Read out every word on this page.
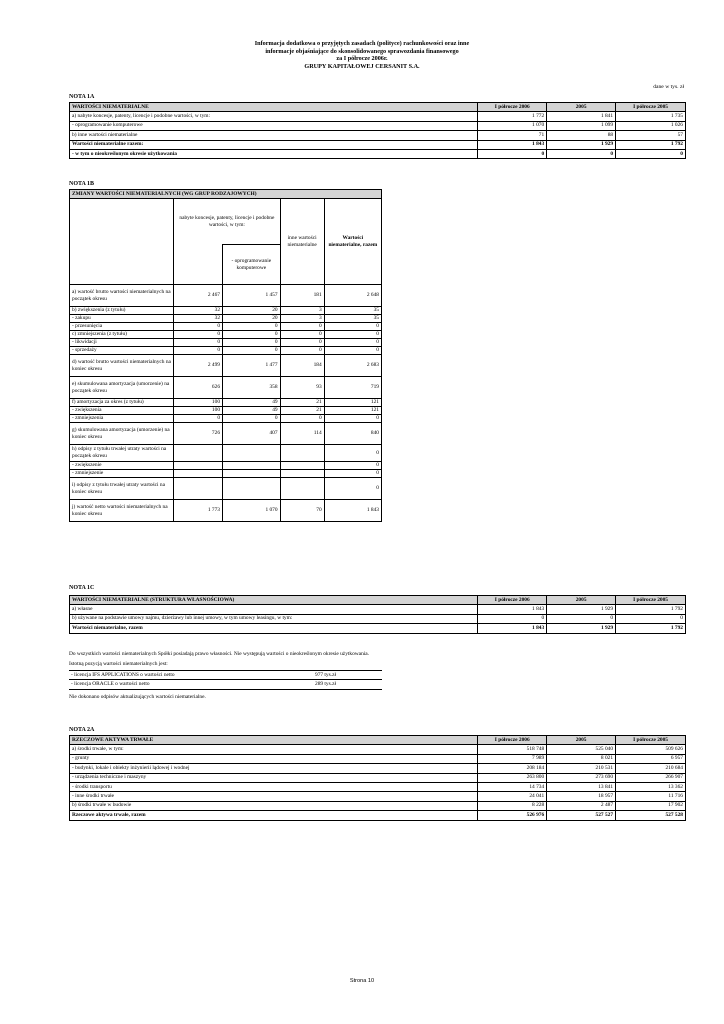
Informacja dodatkowa o przyjętych zasadach (polityce) rachunkowości oraz inne
informacje objaśniające do skonsolidowanego sprawozdania finansowego
za I półrocze 2006r.
GRUPY KAPITAŁOWEJ CERSANIT S.A.
dane w tys. zł
NOTA 1A
WARTOŚCI NIEMATERIALNE	I półrocze 2006	2005	I półrocze 2005
a) nabyte koncesje, patenty, licencje i podobne wartości, w tym:	1 772	1 841	1 735
- oprogramowanie komputerowe	1 070	1 099	1 026
b) inne wartości niematerialne	71	88	57
Wartości niematerialne razem:	1 843	1 929	1 792
- w tym o nieokreślonym okresie użytkowania	0	0	0
NOTA 1B
ZMIANY WARTOŚCI NIEMATERIALNYCH (WG GRUP RODZAJOWYCH)				
	nabyte koncesje, patenty, licencje i podobne wartości, w tym:		inne wartości niematerialne	Wartości niematerialne, razem
		- oprogramowanie komputerowe		
a) wartość brutto wartości niematerialnych na początek okresu	2 467	1 457	181	2 648
b) zwiększenia (z tytułu)	32	20	3	35
- zakupu	32	20	3	35
- przesunięcia	0	0	0	0
c) zmniejszenia (z tytułu)	0	0	0	0
- likwidacji	0	0	0	0
- sprzedaży	0	0	0	0
d) wartość brutto wartości niematerialnych na koniec okresu	2 499	1 477	184	2 683
e) skumulowana amortyzacja (umorzenie) na początek okresu	626	358	93	719
f) amortyzacja za okres (z tytułu)	100	49	21	121
- zwiększenia	100	49	21	121
- zmniejszenia	0	0	0	0
g) skumulowana amortyzacja (umorzenie) na koniec okresu	726	407	114	840
h) odpisy z tytułu trwałej utraty wartości na początek okresu				0
- zwiększenie				0
- zmniejszenie				0
i) odpisy z tytułu trwałej utraty wartości na koniec okresu				0
j) wartość netto wartości niematerialnych na koniec okresu	1 773	1 070	70	1 843
NOTA 1C
WARTOŚCI NIEMATERIALNE (STRUKTURA WŁASNOŚCIOWA)	I półrocze 2006	2005	I półrocze 2005
a) własne	1 843	1 929	1 792
b) używane na podstawie umowy najmu, dzierżawy lub innej umowy, w tym umowy leasingu, w tym:	0	0	0
Wartości niematerialne, razem	1 843	1 929	1 792
Do wszystkich wartości niematerialnych Spółki posiadają prawo własności. Nie występują wartości o nieokreślonym okresie użytkowania.
Istotną pozycją wartości niematerialnych jest:
- licencja IFS APPLICATIONS o wartości netto	977 tys.zł
- licencja ORACLE o wartości netto	289 tys.zł
Nie dokonano odpisów aktualizujących wartości niematerialne.
NOTA 2A
RZECZOWE AKTYWA TRWAŁE	I półrocze 2006	2005	I półrocze 2005
a) środki trwałe, w tym:	518 748	525 040	509 626
- grunty	7 989	8 021	6 957
- budynki, lokale i obiekty inżynierii lądowej i wodnej	208 184	210 531	210 684
- urządzenia techniczne i maszyny	263 800	273 690	266 907
- środki transportu	14 734	13 841	13 362
- inne środki trwałe	24 041	18 957	11 716
b) środki trwałe w budowie	8 228	2 487	17 902
Rzeczowe aktywa trwałe, razem	526 976	527 527	527 528
Strona 10
